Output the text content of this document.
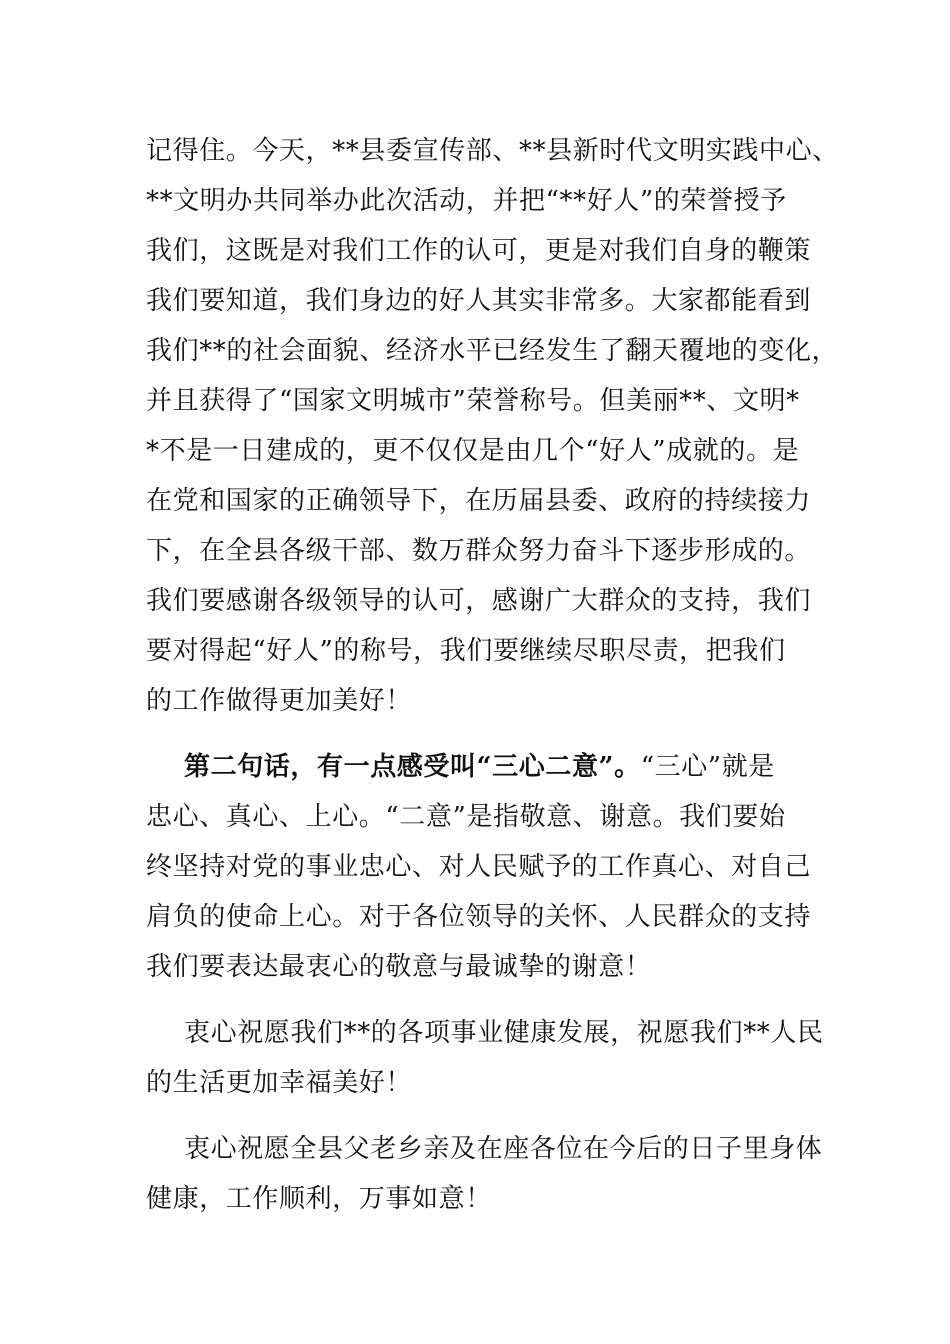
记得住。今天，**县委宣传部、**县新时代文明实践中心、
**文明办共同举办此次活动，并把“**好人”的荣誉授予
我们，这既是对我们工作的认可，更是对我们自身的鞭策
我们要知道，我们身边的好人其实非常多。大家都能看到
我们**的社会面貌、经济水平已经发生了翻天覆地的变化，
并且获得了“国家文明城市”荣誉称号。但美丽**、文明*
*不是一日建成的，更不仅仅是由几个“好人”成就的。是
在党和国家的正确领导下，在历届县委、政府的持续接力
下，在全县各级干部、数万群众努力奋斗下逐步形成的。
我们要感谢各级领导的认可，感谢广大群众的支持，我们
要对得起“好人”的称号，我们要继续尽职尽责，把我们
的工作做得更加美好！
第二句话，有一点感受叫“三心二意”。“三心”就是
忠心、真心、上心。“二意”是指敬意、谢意。我们要始
终坚持对党的事业忠心、对人民赋予的工作真心、对自己
肩负的使命上心。对于各位领导的关怀、人民群众的支持
我们要表达最衷心的敬意与最诚挚的谢意！
衷心祝愿我们**的各项事业健康发展，祝愿我们**人民
的生活更加幸福美好！
衷心祝愿全县父老乡亲及在座各位在今后的日子里身体
健康，工作顺利，万事如意！
